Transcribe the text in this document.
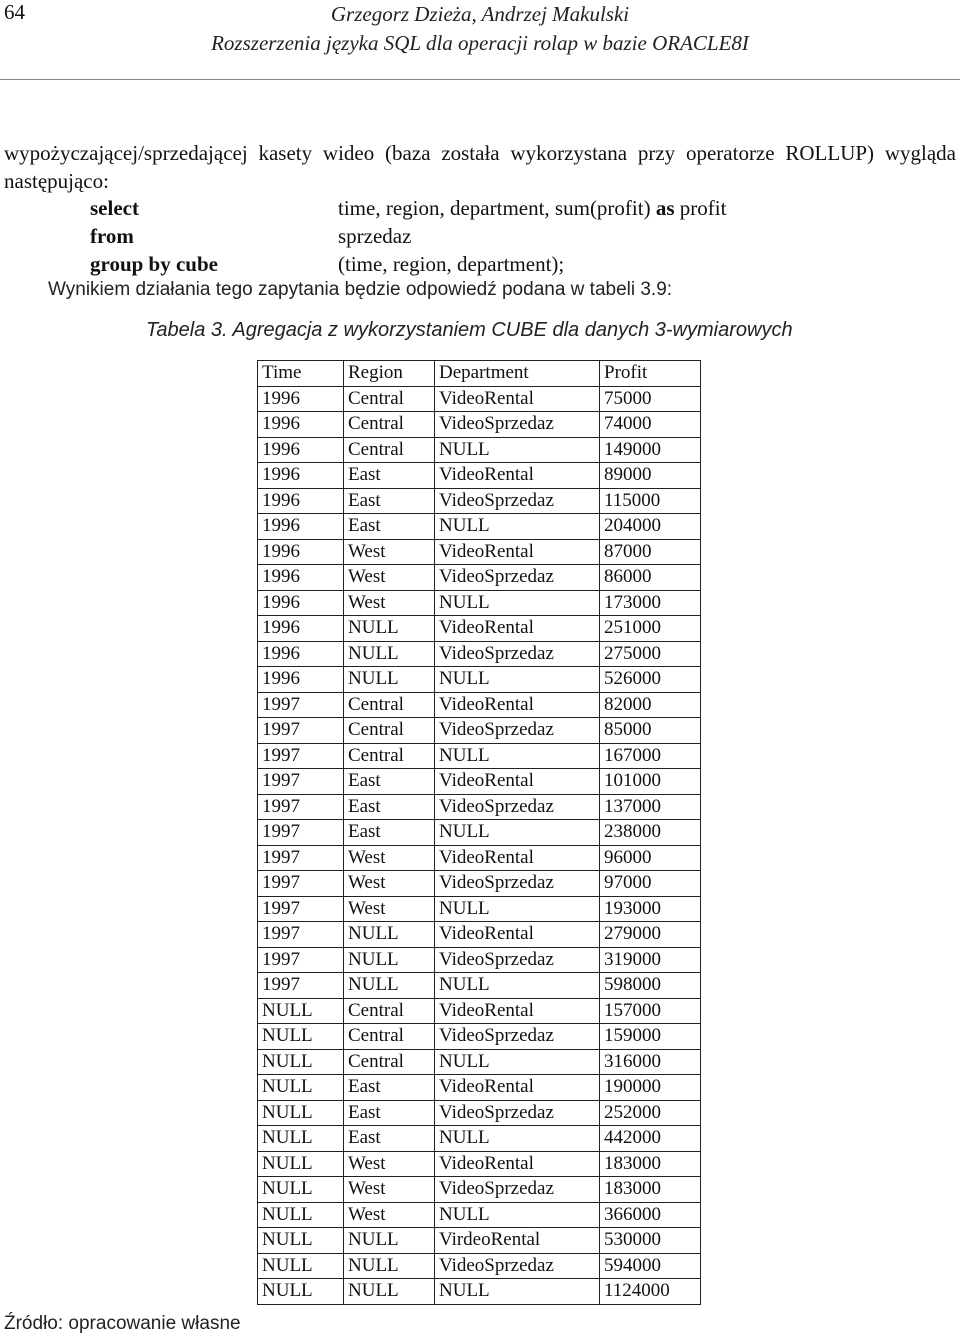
64	Grzegorz Dzieża, Andrzej Makulski
Rozszerzenia języka SQL dla operacji rolap w bazie ORACLE8I
wypożyczającej/sprzedającej kasety wideo (baza została wykorzystana przy operatorze ROLLUP) wygląda następująco:
select	time, region, department, sum(profit) as profit
from	sprzedaz
group by cube	(time, region, department);
Wynikiem działania tego zapytania będzie odpowiedź podana w tabeli 3.9:
Tabela 3. Agregacja z wykorzystaniem CUBE dla danych 3-wymiarowych
Time	Region	Department	Profit
1996	Central	VideoRental	75000
1996	Central	VideoSprzedaz	74000
1996	Central	NULL	149000
1996	East	VideoRental	89000
1996	East	VideoSprzedaz	115000
1996	East	NULL	204000
1996	West	VideoRental	87000
1996	West	VideoSprzedaz	86000
1996	West	NULL	173000
1996	NULL	VideoRental	251000
1996	NULL	VideoSprzedaz	275000
1996	NULL	NULL	526000
1997	Central	VideoRental	82000
1997	Central	VideoSprzedaz	85000
1997	Central	NULL	167000
1997	East	VideoRental	101000
1997	East	VideoSprzedaz	137000
1997	East	NULL	238000
1997	West	VideoRental	96000
1997	West	VideoSprzedaz	97000
1997	West	NULL	193000
1997	NULL	VideoRental	279000
1997	NULL	VideoSprzedaz	319000
1997	NULL	NULL	598000
NULL	Central	VideoRental	157000
NULL	Central	VideoSprzedaz	159000
NULL	Central	NULL	316000
NULL	East	VideoRental	190000
NULL	East	VideoSprzedaz	252000
NULL	East	NULL	442000
NULL	West	VideoRental	183000
NULL	West	VideoSprzedaz	183000
NULL	West	NULL	366000
NULL	NULL	VirdeoRental	530000
NULL	NULL	VideoSprzedaz	594000
NULL	NULL	NULL	1124000
Źródło: opracowanie własne
